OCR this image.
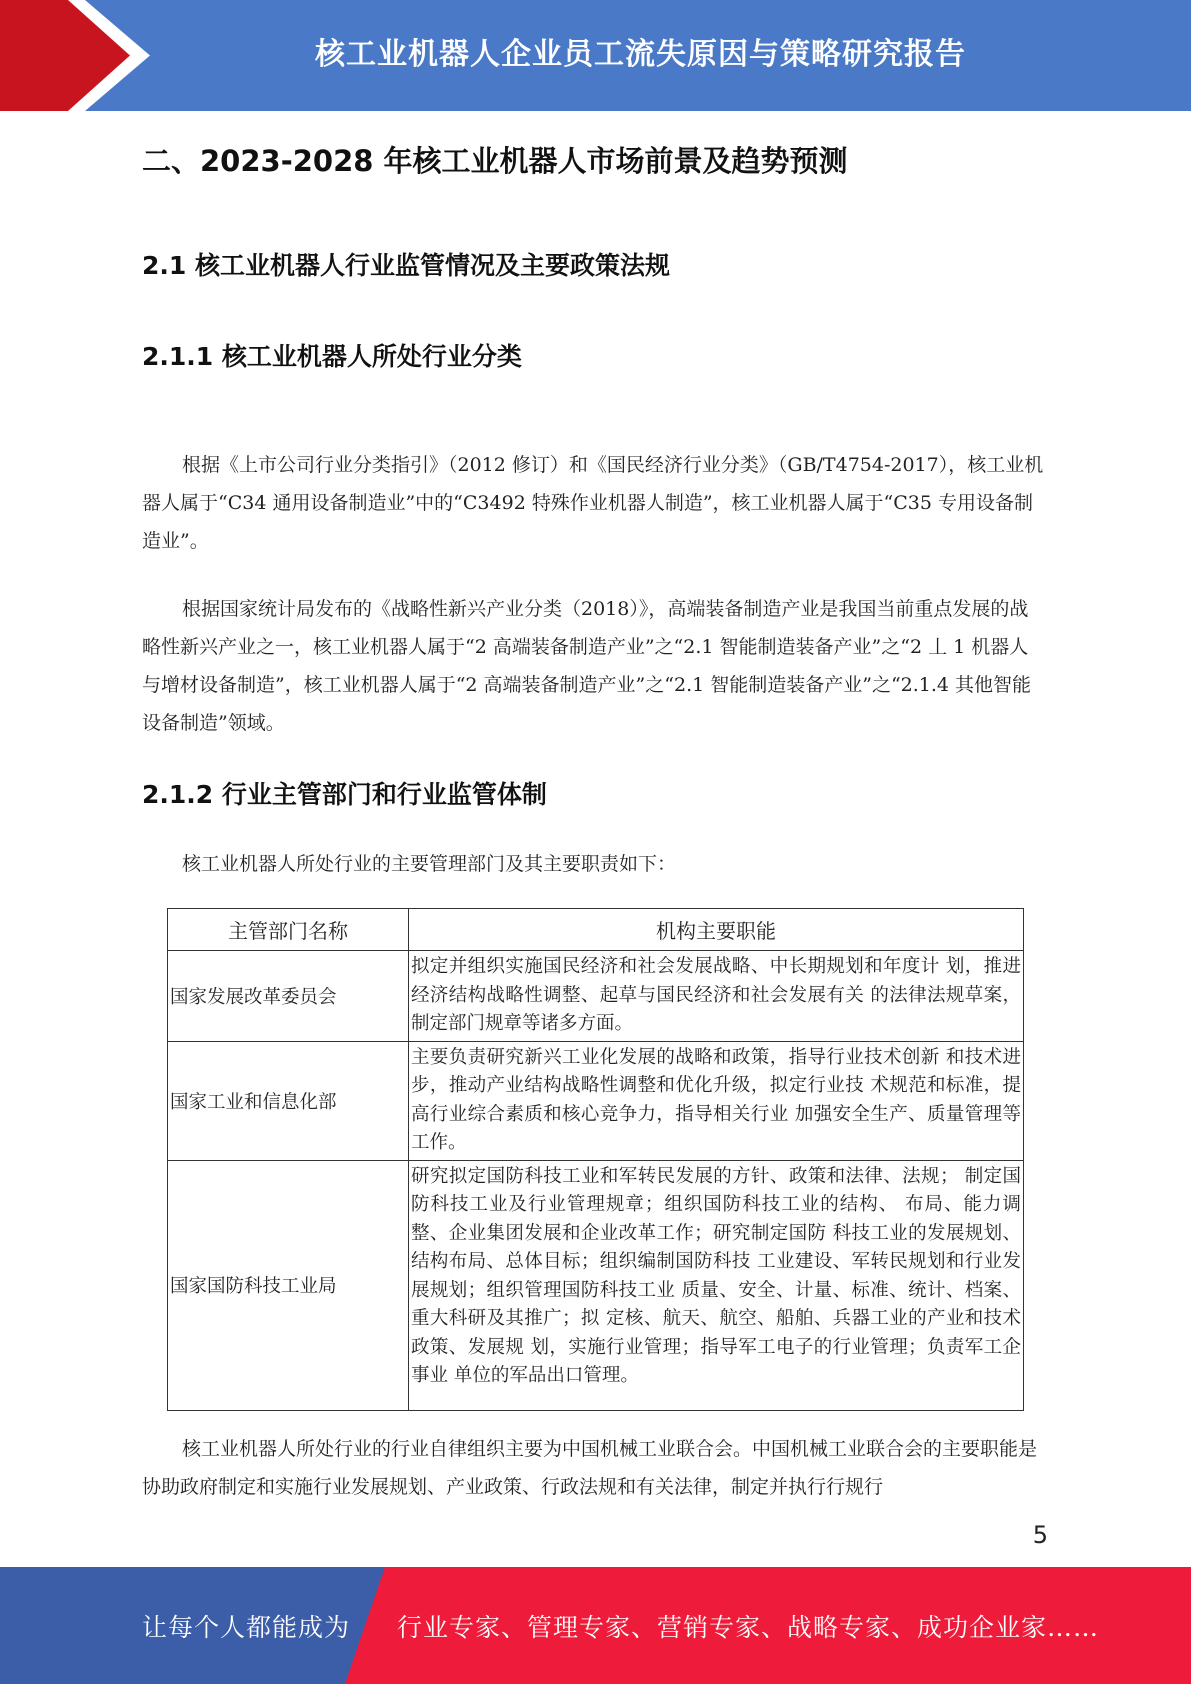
核工业机器人企业员工流失原因与策略研究报告
二、2023-2028 年核工业机器人市场前景及趋势预测
2.1 核工业机器人行业监管情况及主要政策法规
2.1.1 核工业机器人所处行业分类

根据《上市公司行业分类指引》（2012 修订）和《国民经济行业分类》（GB/T4754-2017），核工业机器人属于“C34 通用设备制造业”中的“C3492 特殊作业机器人制造”，核工业机器人属于“C35 专用设备制造业”。

根据国家统计局发布的《战略性新兴产业分类（2018）》，高端装备制造产业是我国当前重点发展的战略性新兴产业之一，核工业机器人属于“2 高端装备制造产业”之“2.1 智能制造装备产业”之“2 丄 1 机器人与增材设备制造”，核工业机器人属于“2 高端装备制造产业”之“2.1 智能制造装备产业”之“2.1.4 其他智能设备制造”领域。

2.1.2 行业主管部门和行业监管体制

核工业机器人所处行业的主要管理部门及其主要职责如下：

主管部门名称	机构主要职能
国家发展改革委员会	拟定并组织实施国民经济和社会发展战略、中长期规划和年度计 划，推进经济结构战略性调整、起草与国民经济和社会发展有关 的法律法规草案，制定部门规章等诸多方面。
国家工业和信息化部	主要负责研究新兴工业化发展的战略和政策，指导行业技术创新 和技术进步，推动产业结构战略性调整和优化升级，拟定行业技 术规范和标准，提高行业综合素质和核心竞争力，指导相关行业 加强安全生产、质量管理等工作。
国家国防科技工业局	研究拟定国防科技工业和军转民发展的方针、政策和法律、法规； 制定国防科技工业及行业管理规章；组织国防科技工业的结构、 布局、能力调整、企业集团发展和企业改革工作；研究制定国防 科技工业的发展规划、结构布局、总体目标；组织编制国防科技 工业建设、军转民规划和行业发展规划；组织管理国防科技工业 质量、安全、计量、标准、统计、档案、重大科研及其推广；拟 定核、航天、航空、船舶、兵器工业的产业和技术政策、发展规 划，实施行业管理；指导军工电子的行业管理；负责军工企事业 单位的军品出口管理。

核工业机器人所处行业的行业自律组织主要为中国机械工业联合会。中国机械工业联合会的主要职能是协助政府制定和实施行业发展规划、产业政策、行政法规和有关法律，制定并执行行规行

5
让每个人都能成为 行业专家、管理专家、营销专家、战略专家、成功企业家……
